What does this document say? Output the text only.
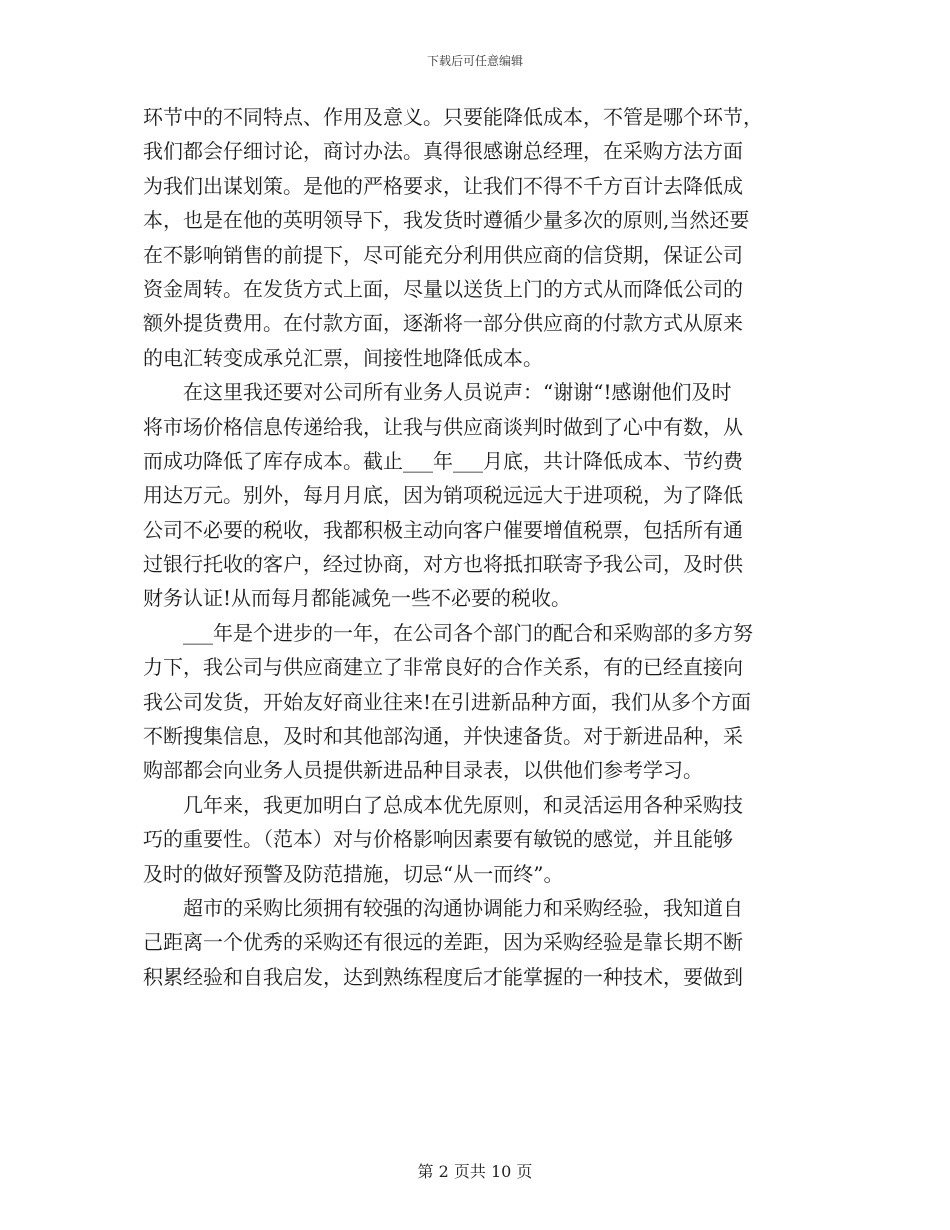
下载后可任意编辑
环节中的不同特点、作用及意义。只要能降低成本，不管是哪个环节，
我们都会仔细讨论，商讨办法。真得很感谢总经理，在采购方法方面
为我们出谋划策。是他的严格要求，让我们不得不千方百计去降低成
本，也是在他的英明领导下，我发货时遵循少量多次的原则,当然还要
在不影响销售的前提下，尽可能充分利用供应商的信贷期，保证公司
资金周转。在发货方式上面，尽量以送货上门的方式从而降低公司的
额外提货费用。在付款方面，逐渐将一部分供应商的付款方式从原来
的电汇转变成承兑汇票，间接性地降低成本。
在这里我还要对公司所有业务人员说声：“谢谢“!感谢他们及时
将市场价格信息传递给我，让我与供应商谈判时做到了心中有数，从
而成功降低了库存成本。截止___年___月底，共计降低成本、节约费
用达万元。别外，每月月底，因为销项税远远大于进项税，为了降低
公司不必要的税收，我都积极主动向客户催要增值税票，包括所有通
过银行托收的客户，经过协商，对方也将抵扣联寄予我公司，及时供
财务认证!从而每月都能减免一些不必要的税收。
___年是个进步的一年，在公司各个部门的配合和采购部的多方努
力下，我公司与供应商建立了非常良好的合作关系，有的已经直接向
我公司发货，开始友好商业往来!在引进新品种方面，我们从多个方面
不断搜集信息，及时和其他部沟通，并快速备货。对于新进品种，采
购部都会向业务人员提供新进品种目录表，以供他们参考学习。
几年来，我更加明白了总成本优先原则，和灵活运用各种采购技
巧的重要性。（范本）对与价格影响因素要有敏锐的感觉，并且能够
及时的做好预警及防范措施，切忌“从一而终”。
超市的采购比须拥有较强的沟通协调能力和采购经验，我知道自
己距离一个优秀的采购还有很远的差距，因为采购经验是靠长期不断
积累经验和自我启发，达到熟练程度后才能掌握的一种技术，要做到
第 2 页共 10 页
